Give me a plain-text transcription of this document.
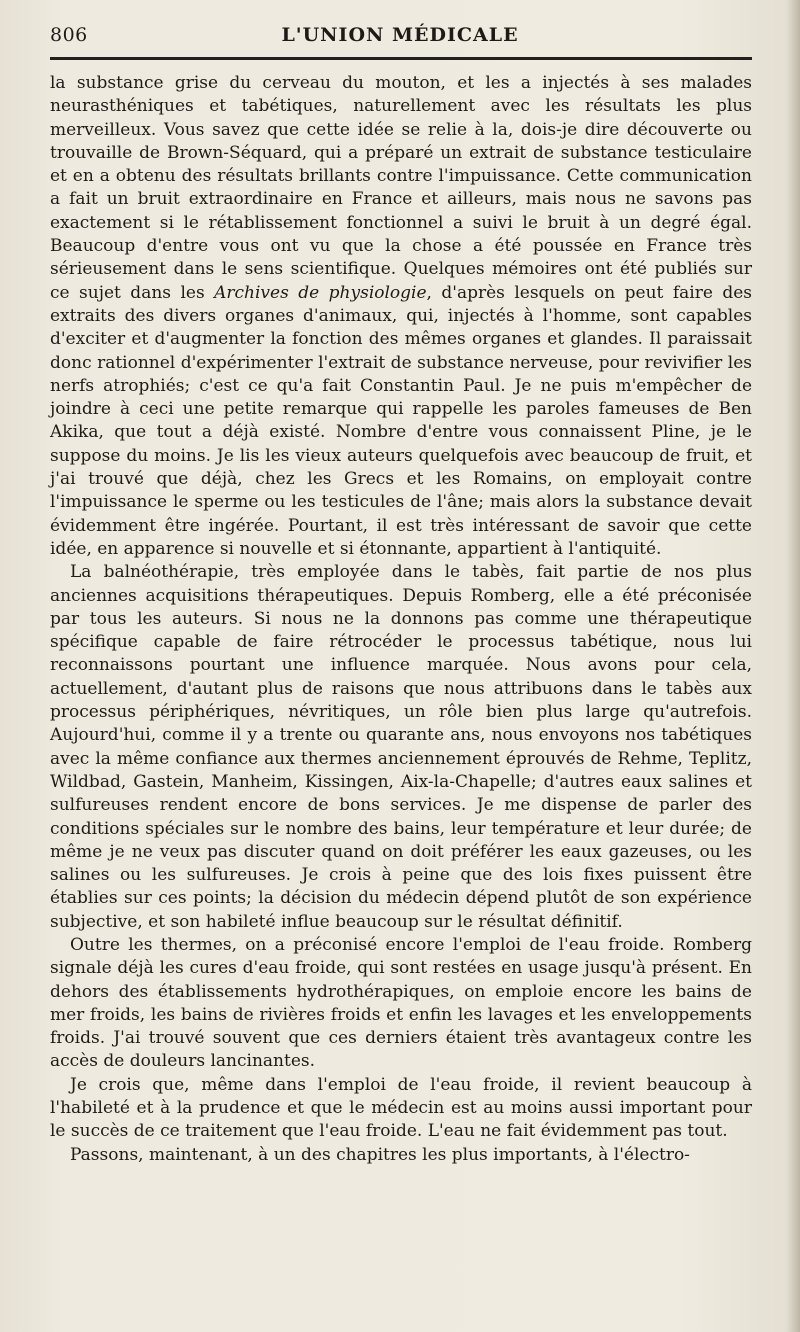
806	L'UNION MÉDICALE

la substance grise du cerveau du mouton, et les a injectés à ses malades neurasthéniques et tabétiques, naturellement avec les résultats les plus merveilleux. Vous savez que cette idée se relie à la, dois-je dire découverte ou trouvaille de Brown-Séquard, qui a préparé un extrait de substance testiculaire et en a obtenu des résultats brillants contre l'impuissance. Cette communication a fait un bruit extraordinaire en France et ailleurs, mais nous ne savons pas exactement si le rétablissement fonctionnel a suivi le bruit à un degré égal. Beaucoup d'entre vous ont vu que la chose a été poussée en France très sérieusement dans le sens scientifique. Quelques mémoires ont été publiés sur ce sujet dans les Archives de physiologie, d'après lesquels on peut faire des extraits des divers organes d'animaux, qui, injectés à l'homme, sont capables d'exciter et d'augmenter la fonction des mêmes organes et glandes. Il paraissait donc rationnel d'expérimenter l'extrait de substance nerveuse, pour revivifier les nerfs atrophiés; c'est ce qu'a fait Constantin Paul. Je ne puis m'empêcher de joindre à ceci une petite remarque qui rappelle les paroles fameuses de Ben Akika, que tout a déjà existé. Nombre d'entre vous connaissent Pline, je le suppose du moins. Je lis les vieux auteurs quelquefois avec beaucoup de fruit, et j'ai trouvé que déjà, chez les Grecs et les Romains, on employait contre l'impuissance le sperme ou les testicules de l'âne; mais alors la substance devait évidemment être ingérée. Pourtant, il est très intéressant de savoir que cette idée, en apparence si nouvelle et si étonnante, appartient à l'antiquité.

La balnéothérapie, très employée dans le tabès, fait partie de nos plus anciennes acquisitions thérapeutiques. Depuis Romberg, elle a été préconisée par tous les auteurs. Si nous ne la donnons pas comme une thérapeutique spécifique capable de faire rétrocéder le processus tabétique, nous lui reconnaissons pourtant une influence marquée. Nous avons pour cela, actuellement, d'autant plus de raisons que nous attribuons dans le tabès aux processus périphériques, névritiques, un rôle bien plus large qu'autrefois. Aujourd'hui, comme il y a trente ou quarante ans, nous envoyons nos tabétiques avec la même confiance aux thermes anciennement éprouvés de Rehme, Teplitz, Wildbad, Gastein, Manheim, Kissingen, Aix-la-Chapelle; d'autres eaux salines et sulfureuses rendent encore de bons services. Je me dispense de parler des conditions spéciales sur le nombre des bains, leur température et leur durée; de même je ne veux pas discuter quand on doit préférer les eaux gazeuses, ou les salines ou les sulfureuses. Je crois à peine que des lois fixes puissent être établies sur ces points; la décision du médecin dépend plutôt de son expérience subjective, et son habileté influe beaucoup sur le résultat définitif.

Outre les thermes, on a préconisé encore l'emploi de l'eau froide. Romberg signale déjà les cures d'eau froide, qui sont restées en usage jusqu'à présent. En dehors des établissements hydrothérapiques, on emploie encore les bains de mer froids, les bains de rivières froids et enfin les lavages et les enveloppements froids. J'ai trouvé souvent que ces derniers étaient très avantageux contre les accès de douleurs lancinantes.

Je crois que, même dans l'emploi de l'eau froide, il revient beaucoup à l'habileté et à la prudence et que le médecin est au moins aussi important pour le succès de ce traitement que l'eau froide. L'eau ne fait évidemment pas tout.

Passons, maintenant, à un des chapitres les plus importants, à l'électro-
